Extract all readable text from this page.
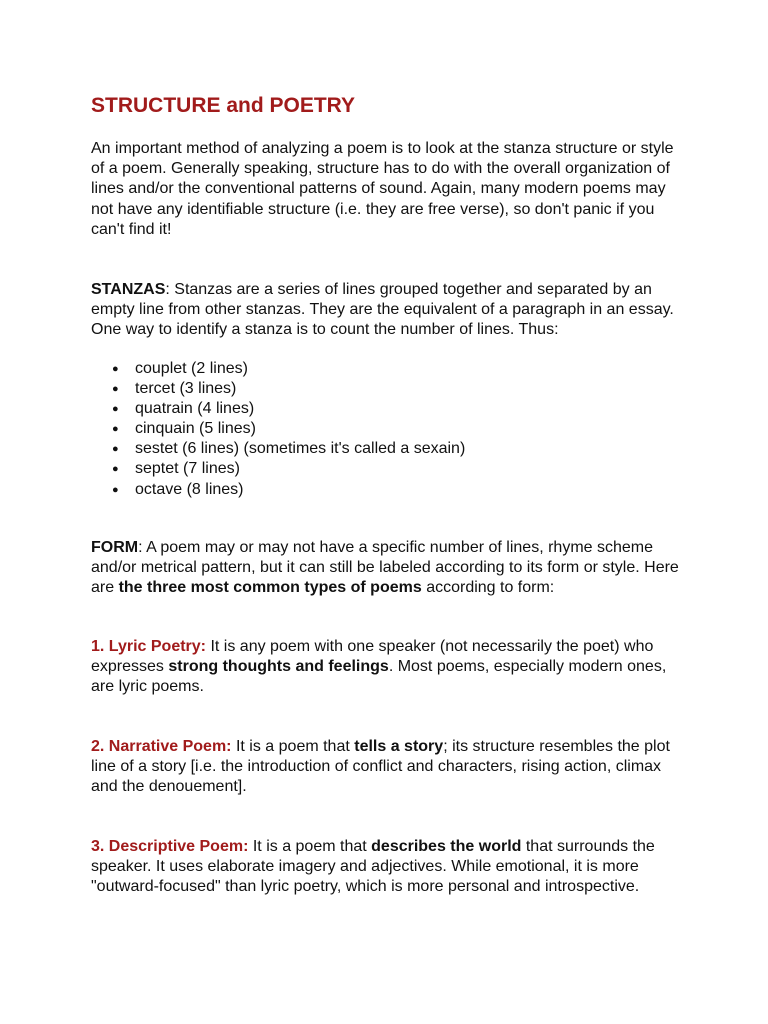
STRUCTURE and POETRY

An important method of analyzing a poem is to look at the stanza structure or style of a poem. Generally speaking, structure has to do with the overall organization of lines and/or the conventional patterns of sound. Again, many modern poems may not have any identifiable structure (i.e. they are free verse), so don't panic if you can't find it!

STANZAS: Stanzas are a series of lines grouped together and separated by an empty line from other stanzas. They are the equivalent of a paragraph in an essay. One way to identify a stanza is to count the number of lines. Thus:

● couplet (2 lines)
● tercet (3 lines)
● quatrain (4 lines)
● cinquain (5 lines)
● sestet (6 lines) (sometimes it's called a sexain)
● septet (7 lines)
● octave (8 lines)

FORM: A poem may or may not have a specific number of lines, rhyme scheme and/or metrical pattern, but it can still be labeled according to its form or style. Here are the three most common types of poems according to form:

1. Lyric Poetry: It is any poem with one speaker (not necessarily the poet) who expresses strong thoughts and feelings. Most poems, especially modern ones, are lyric poems.

2. Narrative Poem: It is a poem that tells a story; its structure resembles the plot line of a story [i.e. the introduction of conflict and characters, rising action, climax and the denouement].

3. Descriptive Poem: It is a poem that describes the world that surrounds the speaker. It uses elaborate imagery and adjectives. While emotional, it is more "outward-focused" than lyric poetry, which is more personal and introspective.
